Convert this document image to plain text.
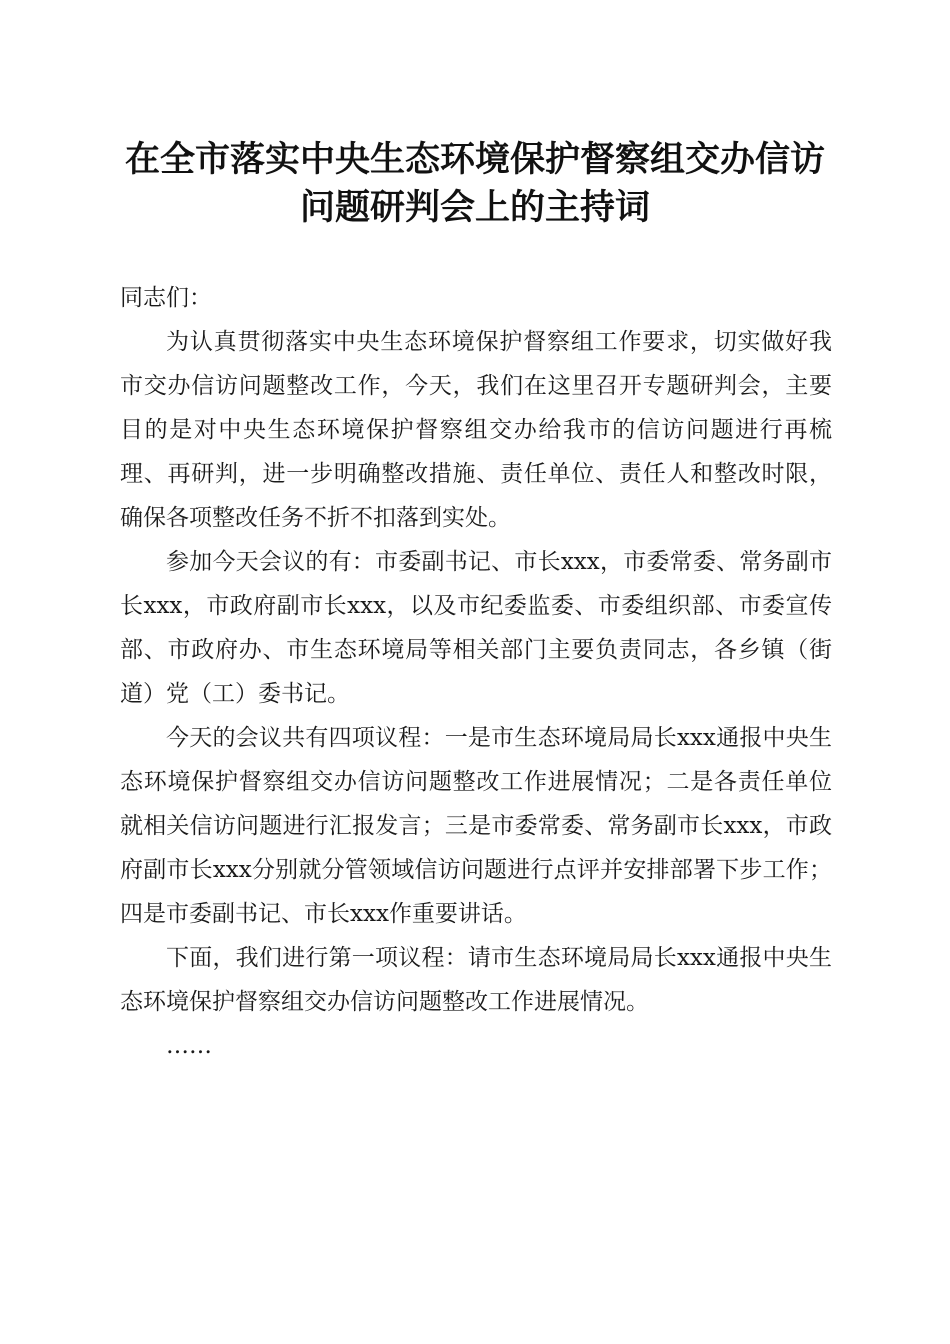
在全市落实中央生态环境保护督察组交办信访
问题研判会上的主持词

同志们：

为认真贯彻落实中央生态环境保护督察组工作要求，切实做好我市交办信访问题整改工作，今天，我们在这里召开专题研判会，主要目的是对中央生态环境保护督察组交办给我市的信访问题进行再梳理、再研判，进一步明确整改措施、责任单位、责任人和整改时限，确保各项整改任务不折不扣落到实处。

参加今天会议的有：市委副书记、市长xxx，市委常委、常务副市长xxx，市政府副市长xxx，以及市纪委监委、市委组织部、市委宣传部、市政府办、市生态环境局等相关部门主要负责同志，各乡镇（街道）党（工）委书记。

今天的会议共有四项议程：一是市生态环境局局长xxx通报中央生态环境保护督察组交办信访问题整改工作进展情况；二是各责任单位就相关信访问题进行汇报发言；三是市委常委、常务副市长xxx，市政府副市长xxx分别就分管领域信访问题进行点评并安排部署下步工作；四是市委副书记、市长xxx作重要讲话。

下面，我们进行第一项议程：请市生态环境局局长xxx通报中央生态环境保护督察组交办信访问题整改工作进展情况。

……
